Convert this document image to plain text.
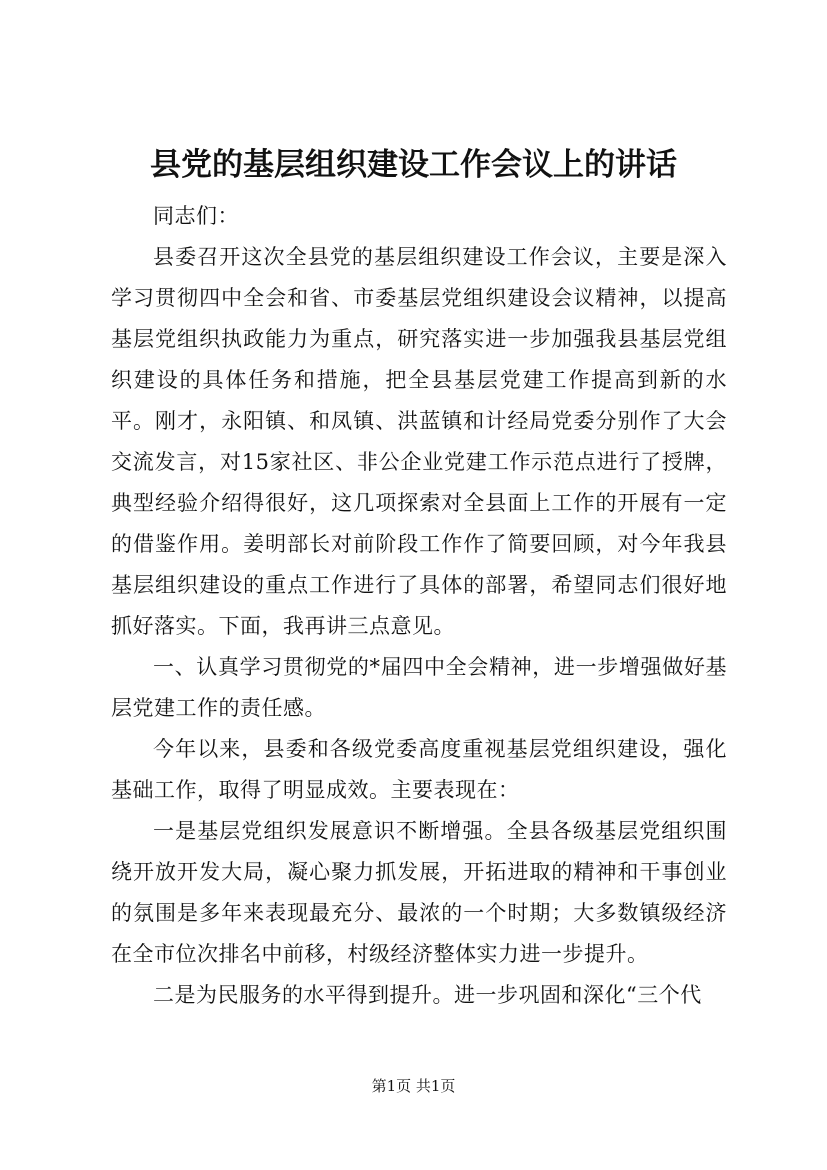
县党的基层组织建设工作会议上的讲话

同志们：

县委召开这次全县党的基层组织建设工作会议，主要是深入学习贯彻四中全会和省、市委基层党组织建设会议精神，以提高基层党组织执政能力为重点，研究落实进一步加强我县基层党组织建设的具体任务和措施，把全县基层党建工作提高到新的水平。刚才，永阳镇、和凤镇、洪蓝镇和计经局党委分别作了大会交流发言，对15家社区、非公企业党建工作示范点进行了授牌，典型经验介绍得很好，这几项探索对全县面上工作的开展有一定的借鉴作用。姜明部长对前阶段工作作了简要回顾，对今年我县基层组织建设的重点工作进行了具体的部署，希望同志们很好地抓好落实。下面，我再讲三点意见。

一、认真学习贯彻党的*届四中全会精神，进一步增强做好基层党建工作的责任感。

今年以来，县委和各级党委高度重视基层党组织建设，强化基础工作，取得了明显成效。主要表现在：

一是基层党组织发展意识不断增强。全县各级基层党组织围绕开放开发大局，凝心聚力抓发展，开拓进取的精神和干事创业的氛围是多年来表现最充分、最浓的一个时期；大多数镇级经济在全市位次排名中前移，村级经济整体实力进一步提升。

二是为民服务的水平得到提升。进一步巩固和深化“三个代

第1页 共1页
